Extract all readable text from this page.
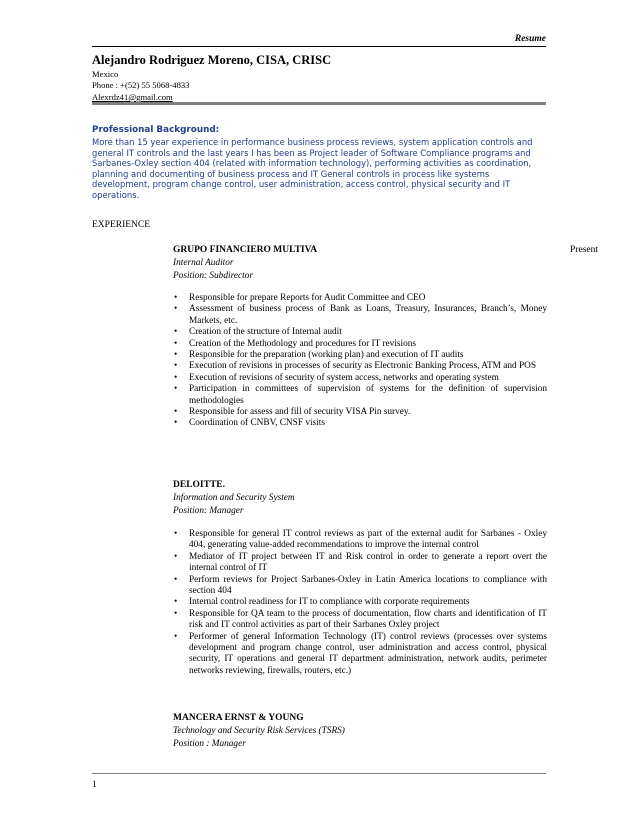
Resume
Alejandro Rodriguez Moreno, CISA, CRISC
Mexico
Phone : +(52) 55 5068-4833
Alexrdz41@gmail.com
Professional Background:

More than 15 year experience in performance business process reviews, system application controls and general IT controls and the last years I has been as Project leader of Software Compliance programs and Sarbanes-Oxley section 404 (related with information technology), performing activities as coordination, planning and documenting of business process and IT General controls in process like systems development, program change control, user administration, access control, physical security and IT operations.

EXPERIENCE
Present

GRUPO FINANCIERO MULTIVA

Internal Auditor

Position: Subdirector

• Responsible for prepare Reports for Audit Committee and CEO
• Assessment of business process of Bank as Loans, Treasury, Insurances, Branch’s, Money Markets, etc.
• Creation of the structure of Internal audit
• Creation of the Methodology and procedures for IT revisions
• Responsible for the preparation (working plan) and execution of IT audits
• Execution of revisions in processes of security as Electronic Banking Process, ATM and POS
• Execution of revisions of security of system access, networks and operating system
• Participation in committees of supervision of systems for the definition of supervision methodologies
• Responsible for assess and fill of security VISA Pin survey.
• Coordination of CNBV, CNSF visits

DELOITTE.

Information and Security System

Position: Manager

• Responsible for general IT control reviews as part of the external audit for Sarbanes - Oxley 404, generating value-added recommendations to improve the internal control
• Mediator of IT project between IT and Risk control in order to generate a report overt the internal control of IT
• Perform reviews for Project Sarbanes-Oxley in Latin America locations to compliance with section 404
• Internal control readiness for IT to compliance with corporate requirements
• Responsible for QA team to the process of documentation, flow charts and identification of IT risk and IT control activities as part of their Sarbanes Oxley project
• Performer of general Information Technology (IT) control reviews (processes over systems development and program change control, user administration and access control, physical security, IT operations and general IT department administration, network audits, perimeter networks reviewing, firewalls, routers, etc.)

MANCERA ERNST & YOUNG

Technology and Security Risk Services (TSRS)

Position : Manager

1
